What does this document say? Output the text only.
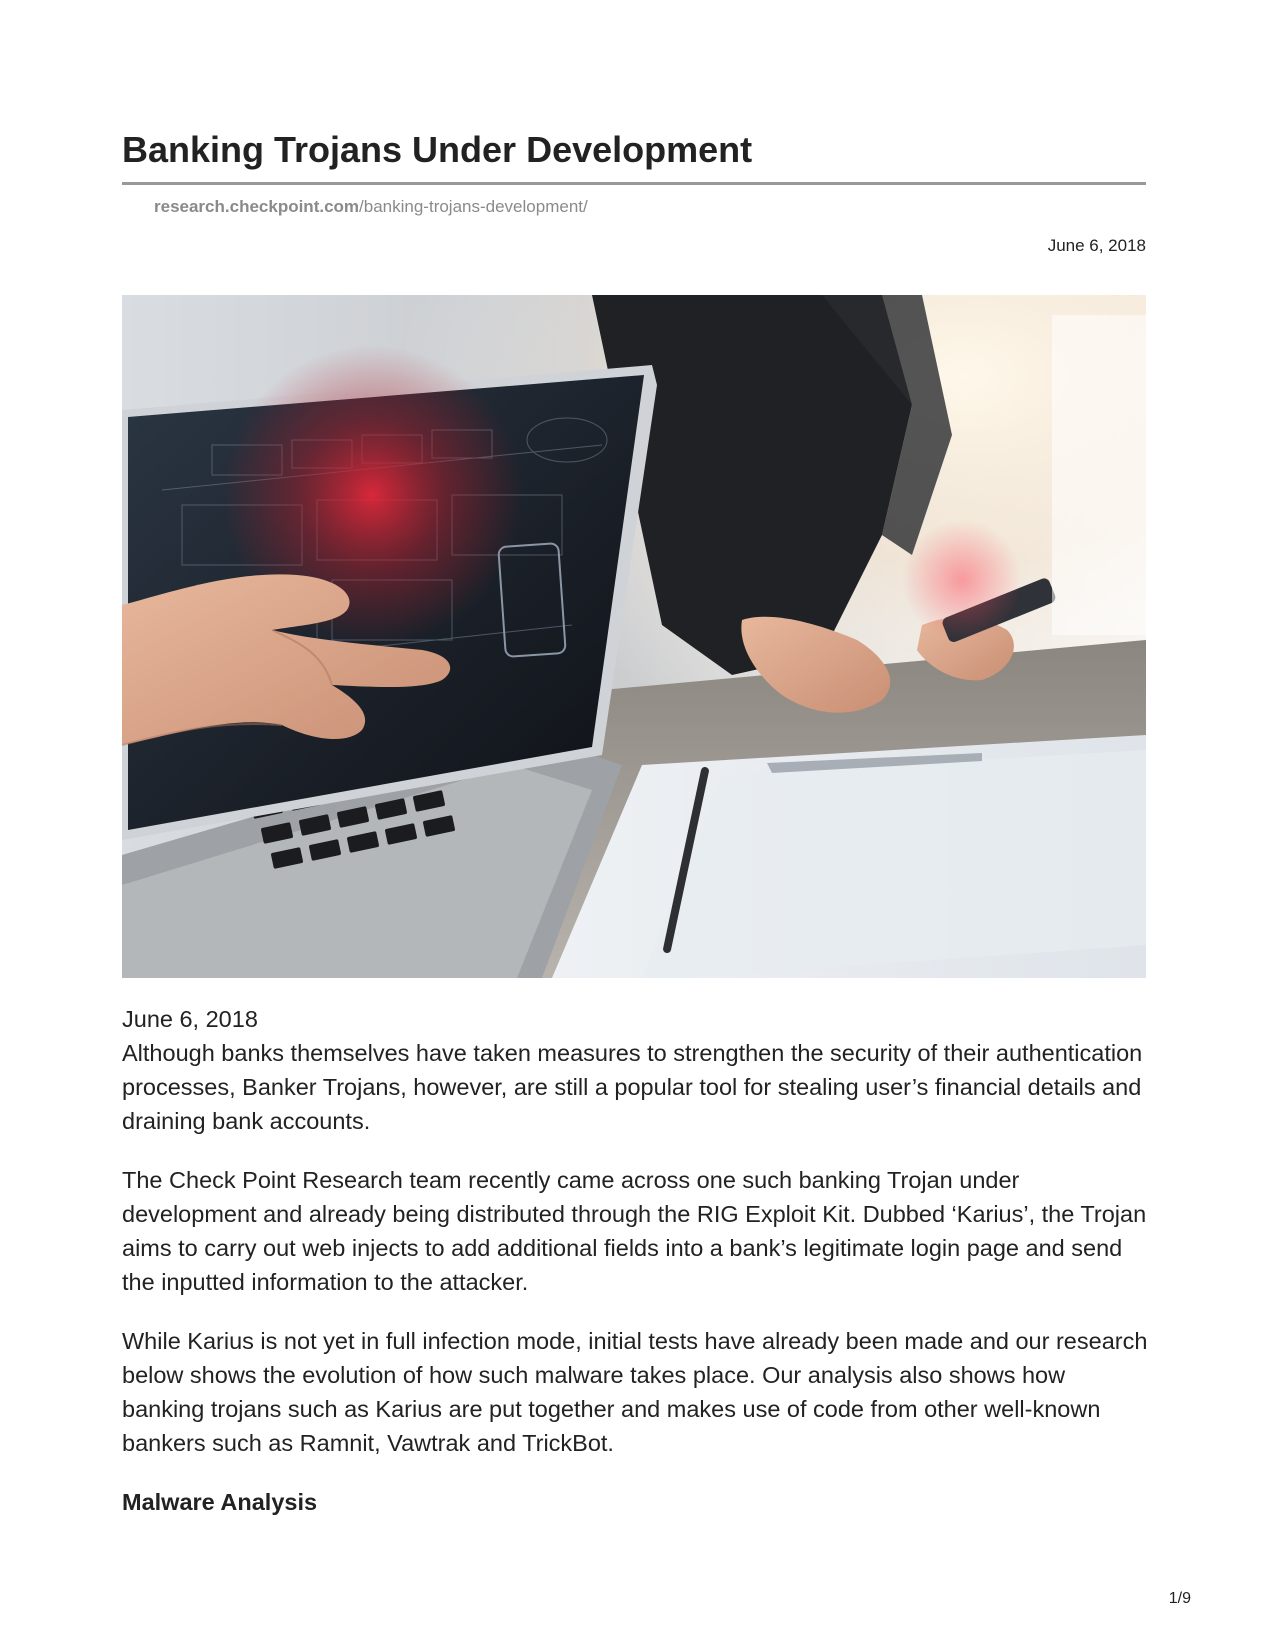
Banking Trojans Under Development
research.checkpoint.com/banking-trojans-development/
June 6, 2018

June 6, 2018

Although banks themselves have taken measures to strengthen the security of their authentication processes, Banker Trojans, however, are still a popular tool for stealing user’s financial details and draining bank accounts.

The Check Point Research team recently came across one such banking Trojan under development and already being distributed through the RIG Exploit Kit. Dubbed ‘Karius’, the Trojan aims to carry out web injects to add additional fields into a bank’s legitimate login page and send the inputted information to the attacker.

While Karius is not yet in full infection mode, initial tests have already been made and our research below shows the evolution of how such malware takes place. Our analysis also shows how banking trojans such as Karius are put together and makes use of code from other well-known bankers such as Ramnit, Vawtrak and TrickBot.

Malware Analysis
1/9
